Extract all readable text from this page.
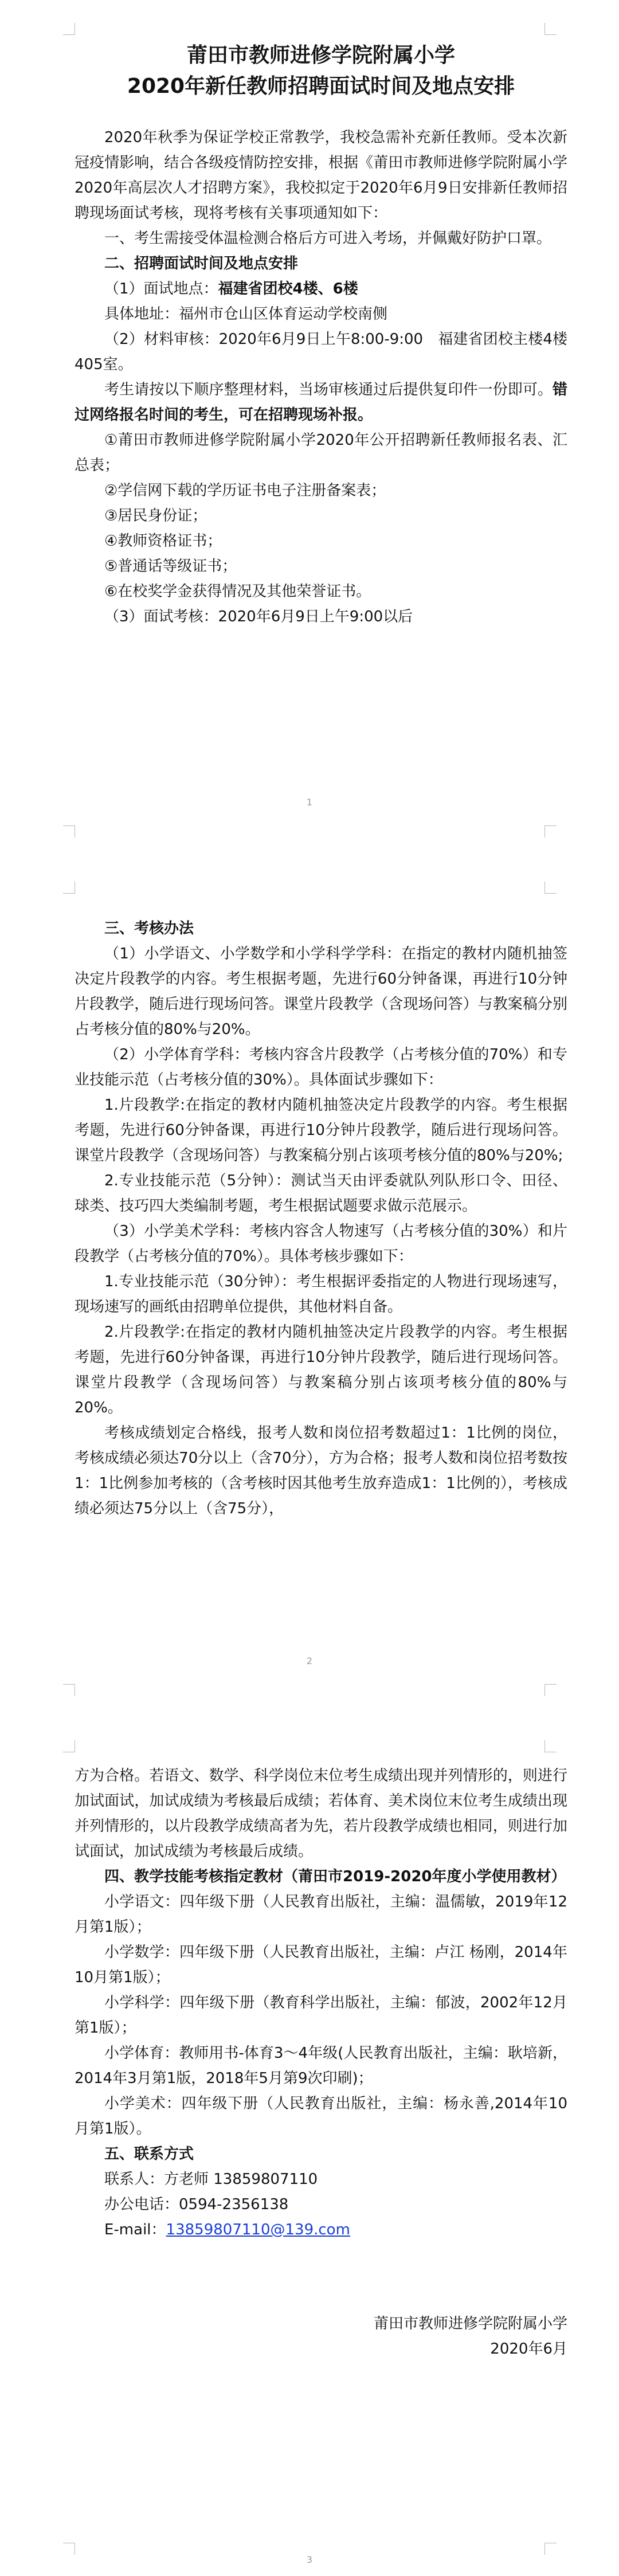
莆田市教师进修学院附属小学
2020年新任教师招聘面试时间及地点安排

2020年秋季为保证学校正常教学，我校急需补充新任教师。受本次新冠疫情影响，结合各级疫情防控安排，根据《莆田市教师进修学院附属小学2020年高层次人才招聘方案》，我校拟定于2020年6月9日安排新任教师招聘现场面试考核，现将考核有关事项通知如下：

一、考生需接受体温检测合格后方可进入考场，并佩戴好防护口罩。

二、招聘面试时间及地点安排

（1）面试地点：福建省团校4楼、6楼

具体地址：福州市仓山区体育运动学校南侧

（2）材料审核：2020年6月9日上午8:00-9:00　福建省团校主楼4楼405室。

考生请按以下顺序整理材料，当场审核通过后提供复印件一份即可。错过网络报名时间的考生，可在招聘现场补报。

①莆田市教师进修学院附属小学2020年公开招聘新任教师报名表、汇总表；

②学信网下载的学历证书电子注册备案表；

③居民身份证；

④教师资格证书；

⑤普通话等级证书；

⑥在校奖学金获得情况及其他荣誉证书。

（3）面试考核：2020年6月9日上午9:00以后

1

三、考核办法

（1）小学语文、小学数学和小学科学学科：在指定的教材内随机抽签决定片段教学的内容。考生根据考题，先进行60分钟备课，再进行10分钟片段教学，随后进行现场问答。课堂片段教学（含现场问答）与教案稿分别占考核分值的80%与20%。

（2）小学体育学科：考核内容含片段教学（占考核分值的70%）和专业技能示范（占考核分值的30%）。具体面试步骤如下：

1.片段教学:在指定的教材内随机抽签决定片段教学的内容。考生根据考题，先进行60分钟备课，再进行10分钟片段教学，随后进行现场问答。课堂片段教学（含现场问答）与教案稿分别占该项考核分值的80%与20%;

2.专业技能示范（5分钟）：测试当天由评委就队列队形口令、田径、球类、技巧四大类编制考题，考生根据试题要求做示范展示。

（3）小学美术学科：考核内容含人物速写（占考核分值的30%）和片段教学（占考核分值的70%）。具体考核步骤如下：

1.专业技能示范（30分钟）：考生根据评委指定的人物进行现场速写，现场速写的画纸由招聘单位提供，其他材料自备。

2.片段教学:在指定的教材内随机抽签决定片段教学的内容。考生根据考题，先进行60分钟备课，再进行10分钟片段教学，随后进行现场问答。课堂片段教学（含现场问答）与教案稿分别占该项考核分值的80%与20%。

考核成绩划定合格线，报考人数和岗位招考数超过1：1比例的岗位，考核成绩必须达70分以上（含70分），方为合格；报考人数和岗位招考数按1：1比例参加考核的（含考核时因其他考生放弃造成1：1比例的），考核成绩必须达75分以上（含75分），

2

方为合格。若语文、数学、科学岗位末位考生成绩出现并列情形的，则进行加试面试，加试成绩为考核最后成绩；若体育、美术岗位末位考生成绩出现并列情形的，以片段教学成绩高者为先，若片段教学成绩也相同，则进行加试面试，加试成绩为考核最后成绩。

四、教学技能考核指定教材（莆田市2019-2020年度小学使用教材）

小学语文：四年级下册（人民教育出版社，主编：温儒敏，2019年12月第1版）；

小学数学：四年级下册（人民教育出版社，主编：卢江 杨刚，2014年10月第1版）；

小学科学：四年级下册（教育科学出版社，主编：郁波，2002年12月第1版）；

小学体育：教师用书-体育3～4年级(人民教育出版社，主编：耿培新，2014年3月第1版，2018年5月第9次印刷)；

小学美术：四年级下册（人民教育出版社，主编：杨永善,2014年10月第1版）。

五、联系方式

联系人：方老师 13859807110

办公电话：0594-2356138

E-mail：13859807110@139.com

莆田市教师进修学院附属小学

2020年6月

3
